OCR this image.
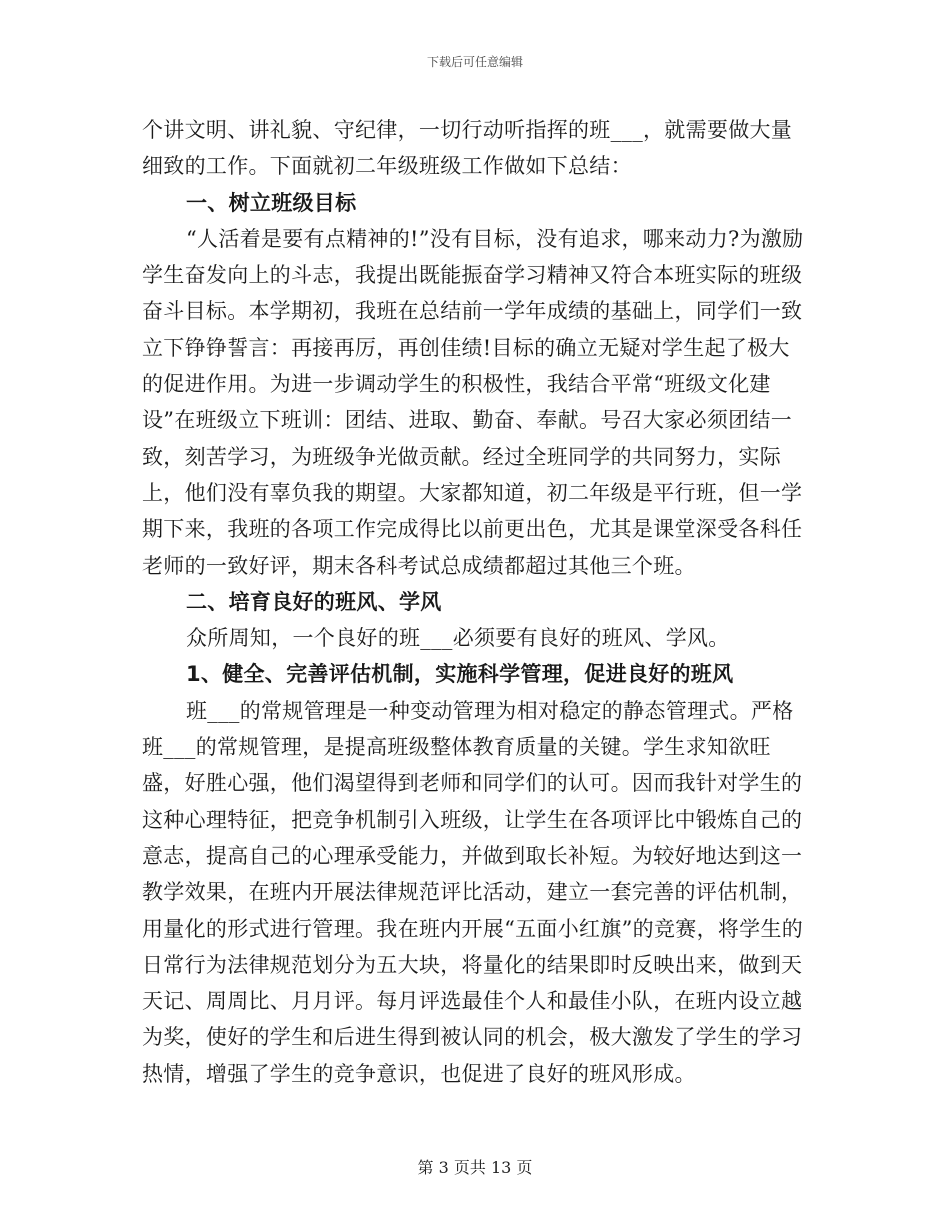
下载后可任意编辑

个讲文明、讲礼貌、守纪律，一切行动听指挥的班___，就需要做大量细致的工作。下面就初二年级班级工作做如下总结：

一、树立班级目标

“人活着是要有点精神的!”没有目标，没有追求，哪来动力?为激励学生奋发向上的斗志，我提出既能振奋学习精神又符合本班实际的班级奋斗目标。本学期初，我班在总结前一学年成绩的基础上，同学们一致立下铮铮誓言：再接再厉，再创佳绩!目标的确立无疑对学生起了极大的促进作用。为进一步调动学生的积极性，我结合平常“班级文化建设”在班级立下班训：团结、进取、勤奋、奉献。号召大家必须团结一致，刻苦学习，为班级争光做贡献。经过全班同学的共同努力，实际上，他们没有辜负我的期望。大家都知道，初二年级是平行班，但一学期下来，我班的各项工作完成得比以前更出色，尤其是课堂深受各科任老师的一致好评，期末各科考试总成绩都超过其他三个班。

二、培育良好的班风、学风

众所周知，一个良好的班___必须要有良好的班风、学风。

1、健全、完善评估机制，实施科学管理，促进良好的班风

班___的常规管理是一种变动管理为相对稳定的静态管理式。严格班___的常规管理，是提高班级整体教育质量的关键。学生求知欲旺盛，好胜心强，他们渴望得到老师和同学们的认可。因而我针对学生的这种心理特征，把竞争机制引入班级，让学生在各项评比中锻炼自己的意志，提高自己的心理承受能力，并做到取长补短。为较好地达到这一教学效果，在班内开展法律规范评比活动，建立一套完善的评估机制，用量化的形式进行管理。我在班内开展“五面小红旗”的竞赛，将学生的日常行为法律规范划分为五大块，将量化的结果即时反映出来，做到天天记、周周比、月月评。每月评选最佳个人和最佳小队，在班内设立越为奖，使好的学生和后进生得到被认同的机会，极大激发了学生的学习热情，增强了学生的竞争意识，也促进了良好的班风形成。

第 3 页共 13 页
